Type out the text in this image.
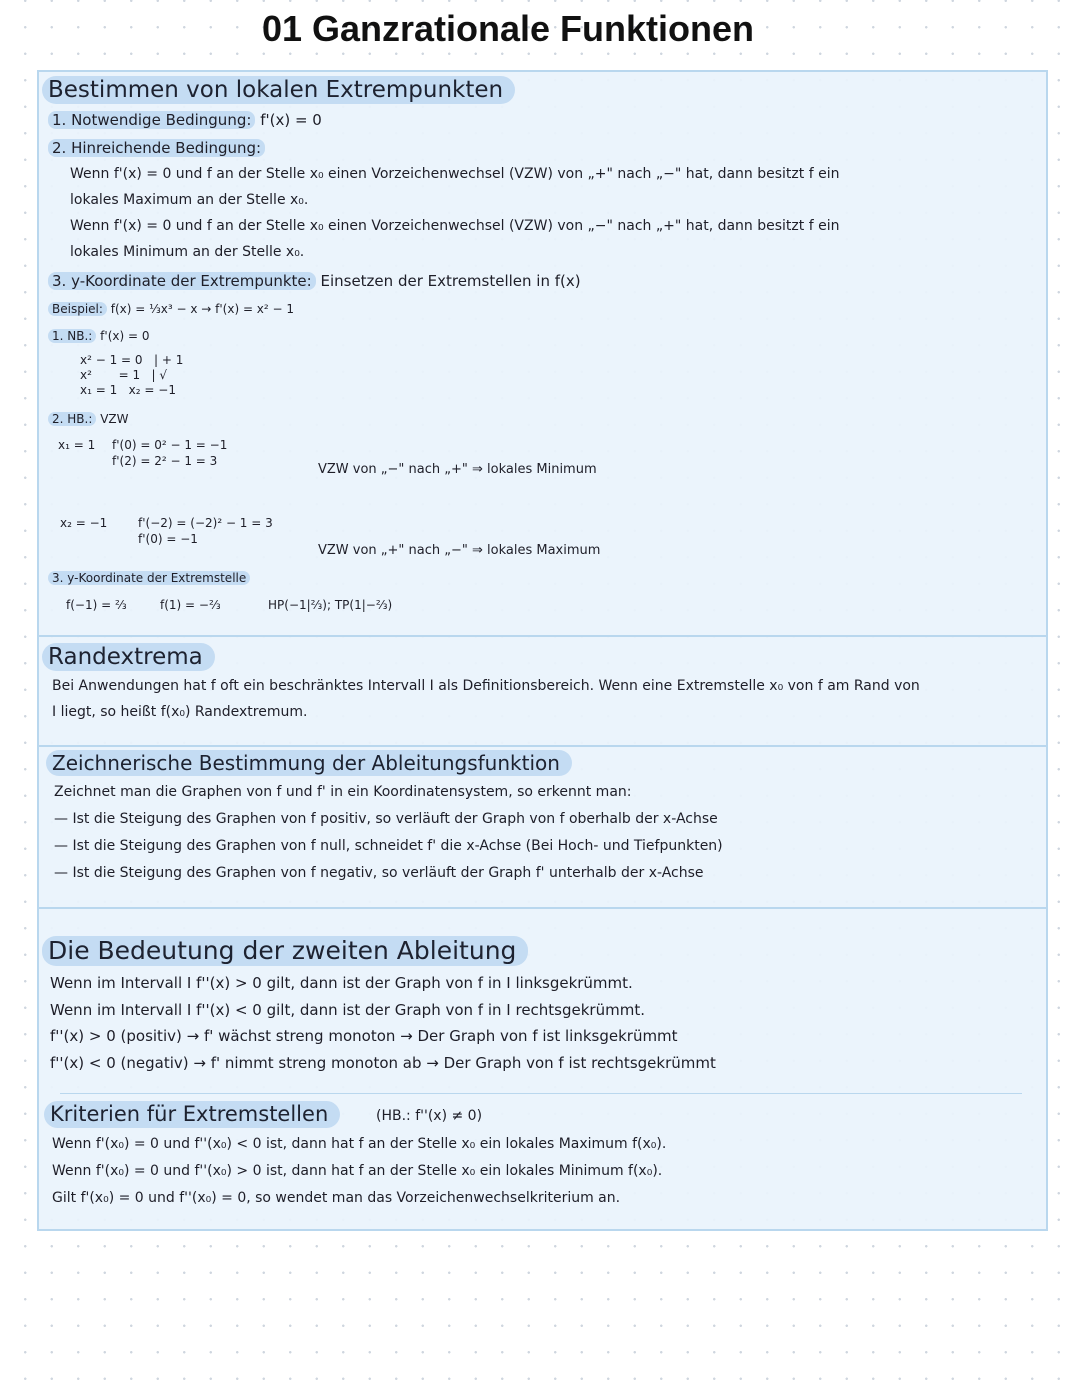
01 Ganzrationale Funktionen
Bestimmen von lokalen Extrempunkten
1. Notwendige Bedingung: f'(x) = 0
2. Hinreichende Bedingung:
Wenn f'(x) = 0 und f an der Stelle x₀ einen Vorzeichenwechsel (VZW) von „+" nach „−" hat, dann besitzt f ein
lokales Maximum an der Stelle x₀.
Wenn f'(x) = 0 und f an der Stelle x₀ einen Vorzeichenwechsel (VZW) von „−" nach „+" hat, dann besitzt f ein
lokales Minimum an der Stelle x₀.
3. y-Koordinate der Extrempunkte: Einsetzen der Extremstellen in f(x)
Beispiel: f(x) = ⅓x³ − x → f'(x) = x² − 1
1. NB.: f'(x) = 0
x² − 1 = 0   | + 1
x²       = 1   | √
x₁ = 1   x₂ = −1
2. HB.: VZW
x₁ = 1 f'(0) = 0² − 1 = −1
f'(2) = 2² − 1 = 3
VZW von „−" nach „+" ⇒ lokales Minimum
x₂ = −1	f'(−2) = (−2)² − 1 = 3
f'(0) = −1
VZW von „+" nach „−" ⇒ lokales Maximum
3. y-Koordinate der Extremstelle
f(−1) = ⅔	f(1) = −⅔	HP(−1|⅔); TP(1|−⅔)
Randextrema
Bei Anwendungen hat f oft ein beschränktes Intervall I als Definitionsbereich. Wenn eine Extremstelle x₀ von f am Rand von
I liegt, so heißt f(x₀) Randextremum.
Zeichnerische Bestimmung der Ableitungsfunktion
Zeichnet man die Graphen von f und f' in ein Koordinatensystem, so erkennt man:
— Ist die Steigung des Graphen von f positiv, so verläuft der Graph von f oberhalb der x-Achse
— Ist die Steigung des Graphen von f null, schneidet f' die x-Achse (Bei Hoch- und Tiefpunkten)
— Ist die Steigung des Graphen von f negativ, so verläuft der Graph f' unterhalb der x-Achse
Die Bedeutung der zweiten Ableitung
Wenn im Intervall I f''(x) > 0 gilt, dann ist der Graph von f in I linksgekrümmt.
Wenn im Intervall I f''(x) < 0 gilt, dann ist der Graph von f in I rechtsgekrümmt.
f''(x) > 0 (positiv) → f' wächst streng monoton → Der Graph von f ist linksgekrümmt
f''(x) < 0 (negativ) → f' nimmt streng monoton ab → Der Graph von f ist rechtsgekrümmt
Kriterien für Extremstellen	(HB.: f''(x) ≠ 0)
Wenn f'(x₀) = 0 und f''(x₀) < 0 ist, dann hat f an der Stelle x₀ ein lokales Maximum f(x₀).
Wenn f'(x₀) = 0 und f''(x₀) > 0 ist, dann hat f an der Stelle x₀ ein lokales Minimum f(x₀).
Gilt f'(x₀) = 0 und f''(x₀) = 0, so wendet man das Vorzeichenwechselkriterium an.
